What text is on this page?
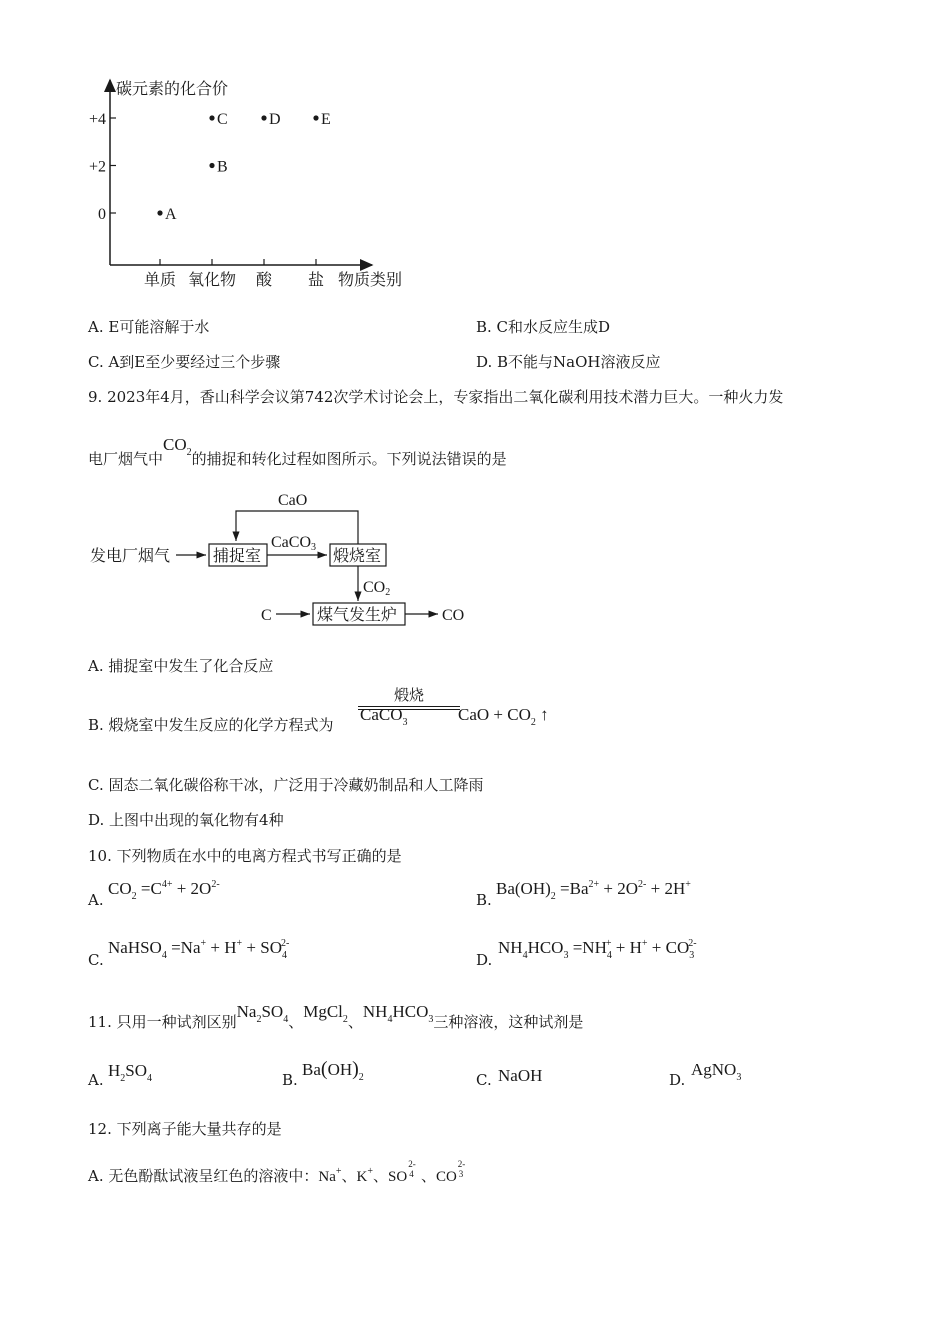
+4
+2
0
单质 氧化物 酸 盐
A
B
C	D	E
碳元素的化合价
物质类别
A. E可能溶解于水	B. C和水反应生成D
C. A到E至少要经过三个步骤	D. B不能与NaOH溶液反应
9. 2023年4月，香山科学会议第742次学术讨论会上，专家指出二氧化碳利用技术潜力巨大。一种火力发
电厂烟气中$CO_2$的捕捉和转化过程如图所示。下列说法错误的是
发电厂烟气	捕捉室
CaCO3 煅烧室
CaO
CO2
煤气发生炉
C	CO
A. 捕捉室中发生了化合反应
B. 煅烧室中发生反应的化学方程式为
煅烧
CaCO$_3$	CaO + $CO_2$ ↑
C. 固态二氧化碳俗称干冰，广泛用于冷藏奶制品和人工降雨
D. 上图中出现的氧化物有4种
10. 下列物质在水中的电离方程式书写正确的是
A.
$CO_2 =C^{4+} + 2O^{2-}$
B.
$Ba(OH)_2 =Ba^{2+} + 2O^{2-} + 2H^+$
C.
NaHSO$_4$ $=Na^+ + H^+ + SO_4^{2-}$
D.
$NH_4HCO_3 =NH_4^+ + H^+ + CO_3^{2-}$
11. 只用一种试剂区别$Na_2SO_4$、MgCl$_2$、$NH_4HCO_3$三种溶液，这种试剂是
A. $H_2SO_4$	B.
$Ba(OH)_2$	C. NaOH	D.
AgNO$_3$
12. 下列离子能大量共存的是
A. 无色酚酞试液呈红色的溶液中：Na+、K+、SO
2-
4 、CO
2-
3
